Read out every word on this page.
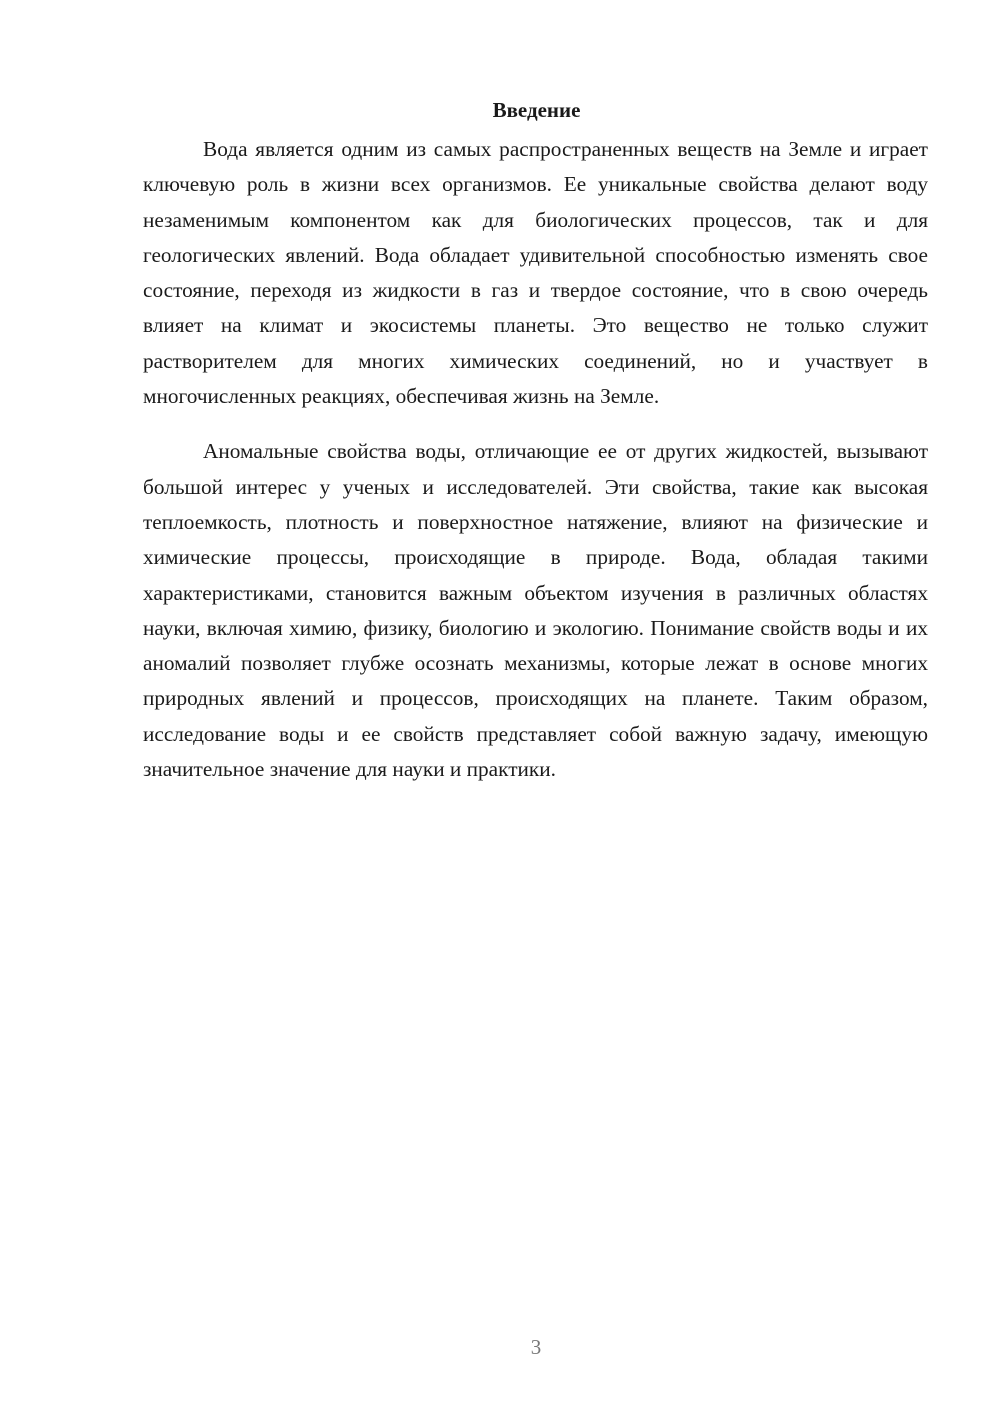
Введение

Вода является одним из самых распространенных веществ на Земле и играет ключевую роль в жизни всех организмов. Ее уникальные свойства делают воду незаменимым компонентом как для биологических процессов, так и для геологических явлений. Вода обладает удивительной способностью изменять свое состояние, переходя из жидкости в газ и твердое состояние, что в свою очередь влияет на климат и экосистемы планеты. Это вещество не только служит растворителем для многих химических соединений, но и участвует в многочисленных реакциях, обеспечивая жизнь на Земле.

Аномальные свойства воды, отличающие ее от других жидкостей, вызывают большой интерес у ученых и исследователей. Эти свойства, такие как высокая теплоемкость, плотность и поверхностное натяжение, влияют на физические и химические процессы, происходящие в природе. Вода, обладая такими характеристиками, становится важным объектом изучения в различных областях науки, включая химию, физику, биологию и экологию. Понимание свойств воды и их аномалий позволяет глубже осознать механизмы, которые лежат в основе многих природных явлений и процессов, происходящих на планете. Таким образом, исследование воды и ее свойств представляет собой важную задачу, имеющую значительное значение для науки и практики.

3
